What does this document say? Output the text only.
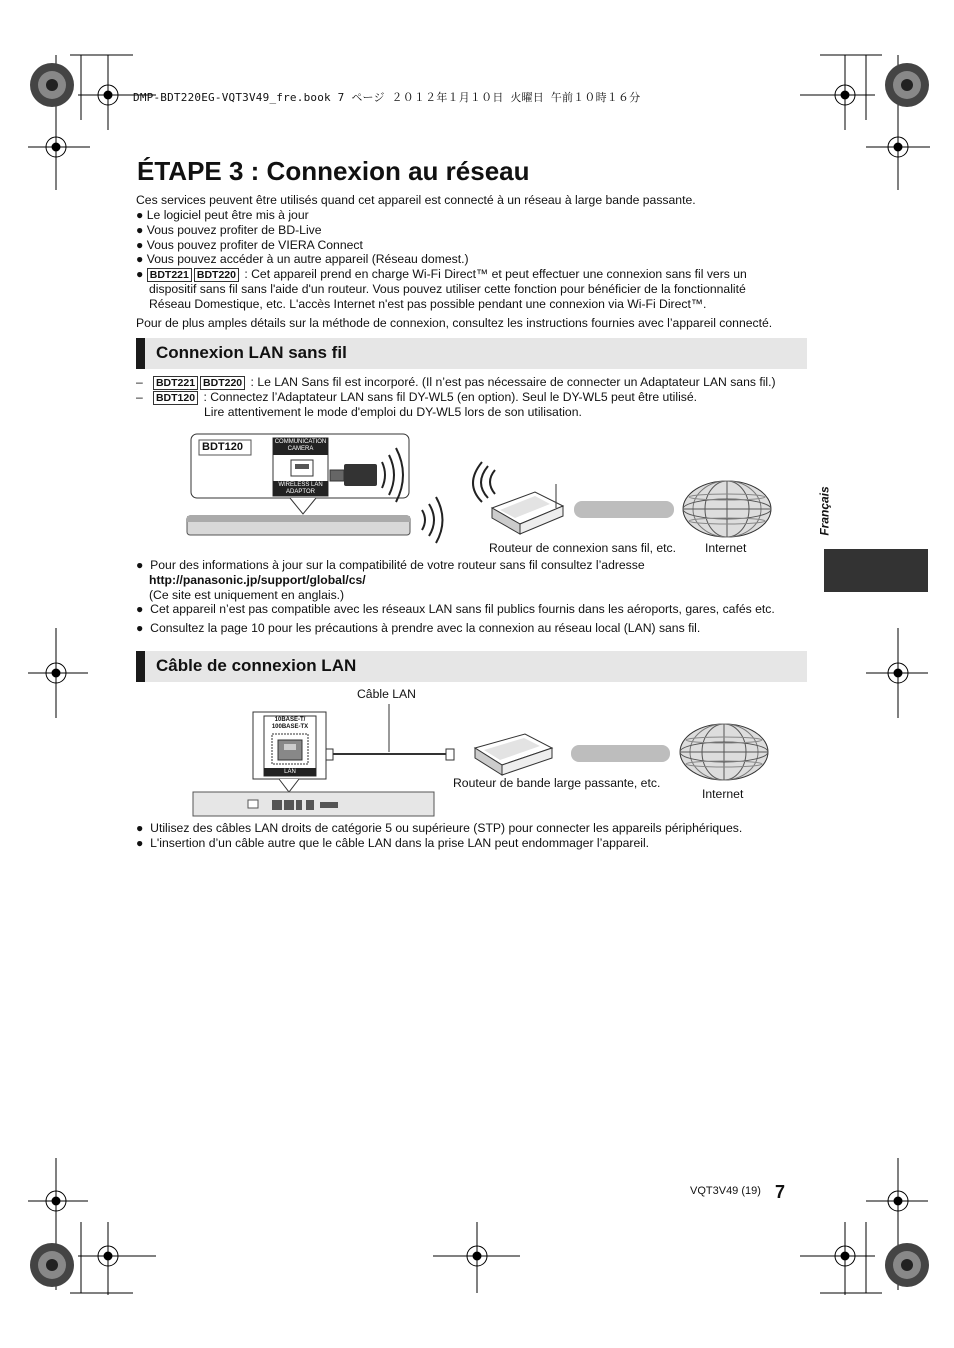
DMP-BDT220EG-VQT3V49_fre.book 7 ページ ２０１２年１月１０日 火曜日 午前１０時１６分
ÉTAPE 3 : Connexion au réseau
Ces services peuvent être utilisés quand cet appareil est connecté à un réseau à large bande passante.
● Le logiciel peut être mis à jour
● Vous pouvez profiter de BD-Live
● Vous pouvez profiter de VIERA Connect
● Vous pouvez accéder à un autre appareil (Réseau domest.)
● BDT221 BDT220 : Cet appareil prend en charge Wi-Fi Direct™ et peut effectuer une connexion sans fil vers un
dispositif sans fil sans l'aide d'un routeur. Vous pouvez utiliser cette fonction pour bénéficier de la fonctionnalité
Réseau Domestique, etc. L'accès Internet n'est pas possible pendant une connexion via Wi-Fi Direct™.
Pour de plus amples détails sur la méthode de connexion, consultez les instructions fournies avec l’appareil connecté.
Connexion LAN sans fil
–   BDT221 BDT220 : Le LAN Sans fil est incorporé. (Il n’est pas nécessaire de connecter un Adaptateur LAN sans fil.)
–   BDT120 : Connectez l’Adaptateur LAN sans fil DY-WL5 (en option). Seul le DY-WL5 peut être utilisé.
Lire attentivement le mode d'emploi du DY-WL5 lors de son utilisation.
BDT120	COMMUNICATION CAMERA
WIRELESS LAN ADAPTOR
Routeur de connexion sans fil, etc. Internet
●  Pour des informations à jour sur la compatibilité de votre routeur sans fil consultez l’adresse
http://panasonic.jp/support/global/cs/
(Ce site est uniquement en anglais.)
●  Cet appareil n’est pas compatible avec les réseaux LAN sans fil publics fournis dans les aéroports, gares, cafés etc.
●  Consultez la page 10 pour les précautions à prendre avec la connexion au réseau local (LAN) sans fil.
Câble de connexion LAN
Câble LAN
10BASE-T/ 100BASE-TX
LAN
Routeur de bande large passante, etc.
Internet
●  Utilisez des câbles LAN droits de catégorie 5 ou supérieure (STP) pour connecter les appareils périphériques.
●  L'insertion d’un câble autre que le câble LAN dans la prise LAN peut endommager l’appareil.
Français
VQT3V49 (19) 7
